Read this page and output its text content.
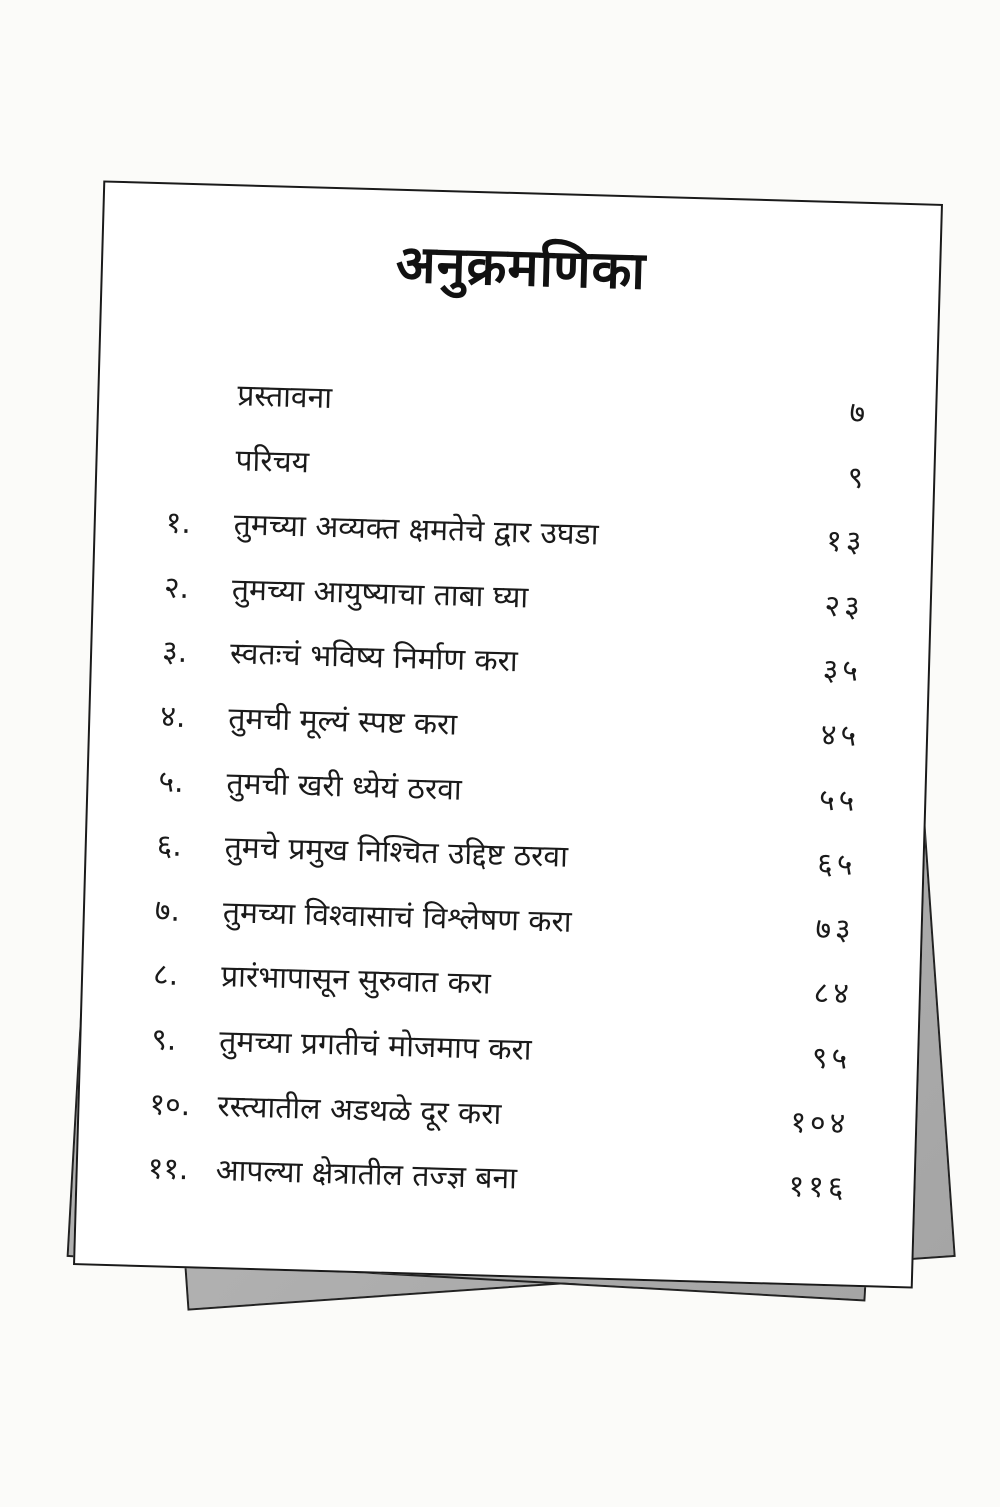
अनुक्रमणिका
प्रस्तावना	७
परिचय	९
१.	तुमच्या अव्यक्त क्षमतेचे द्वार उघडा	१३
२.	तुमच्या आयुष्याचा ताबा घ्या	२३
३.	स्वतःचं भविष्य निर्माण करा	३५
४.	तुमची मूल्यं स्पष्ट करा	४५
५.	तुमची खरी ध्येयं ठरवा	५५
६.	तुमचे प्रमुख निश्चित उद्दिष्ट ठरवा	६५
७.	तुमच्या विश्वासाचं विश्लेषण करा	७३
८.	प्रारंभापासून सुरुवात करा	८४
९.	तुमच्या प्रगतीचं मोजमाप करा	९५
१०. रस्त्यातील अडथळे दूर करा	१०४
११. आपल्या क्षेत्रातील तज्ज्ञ बना	११६
